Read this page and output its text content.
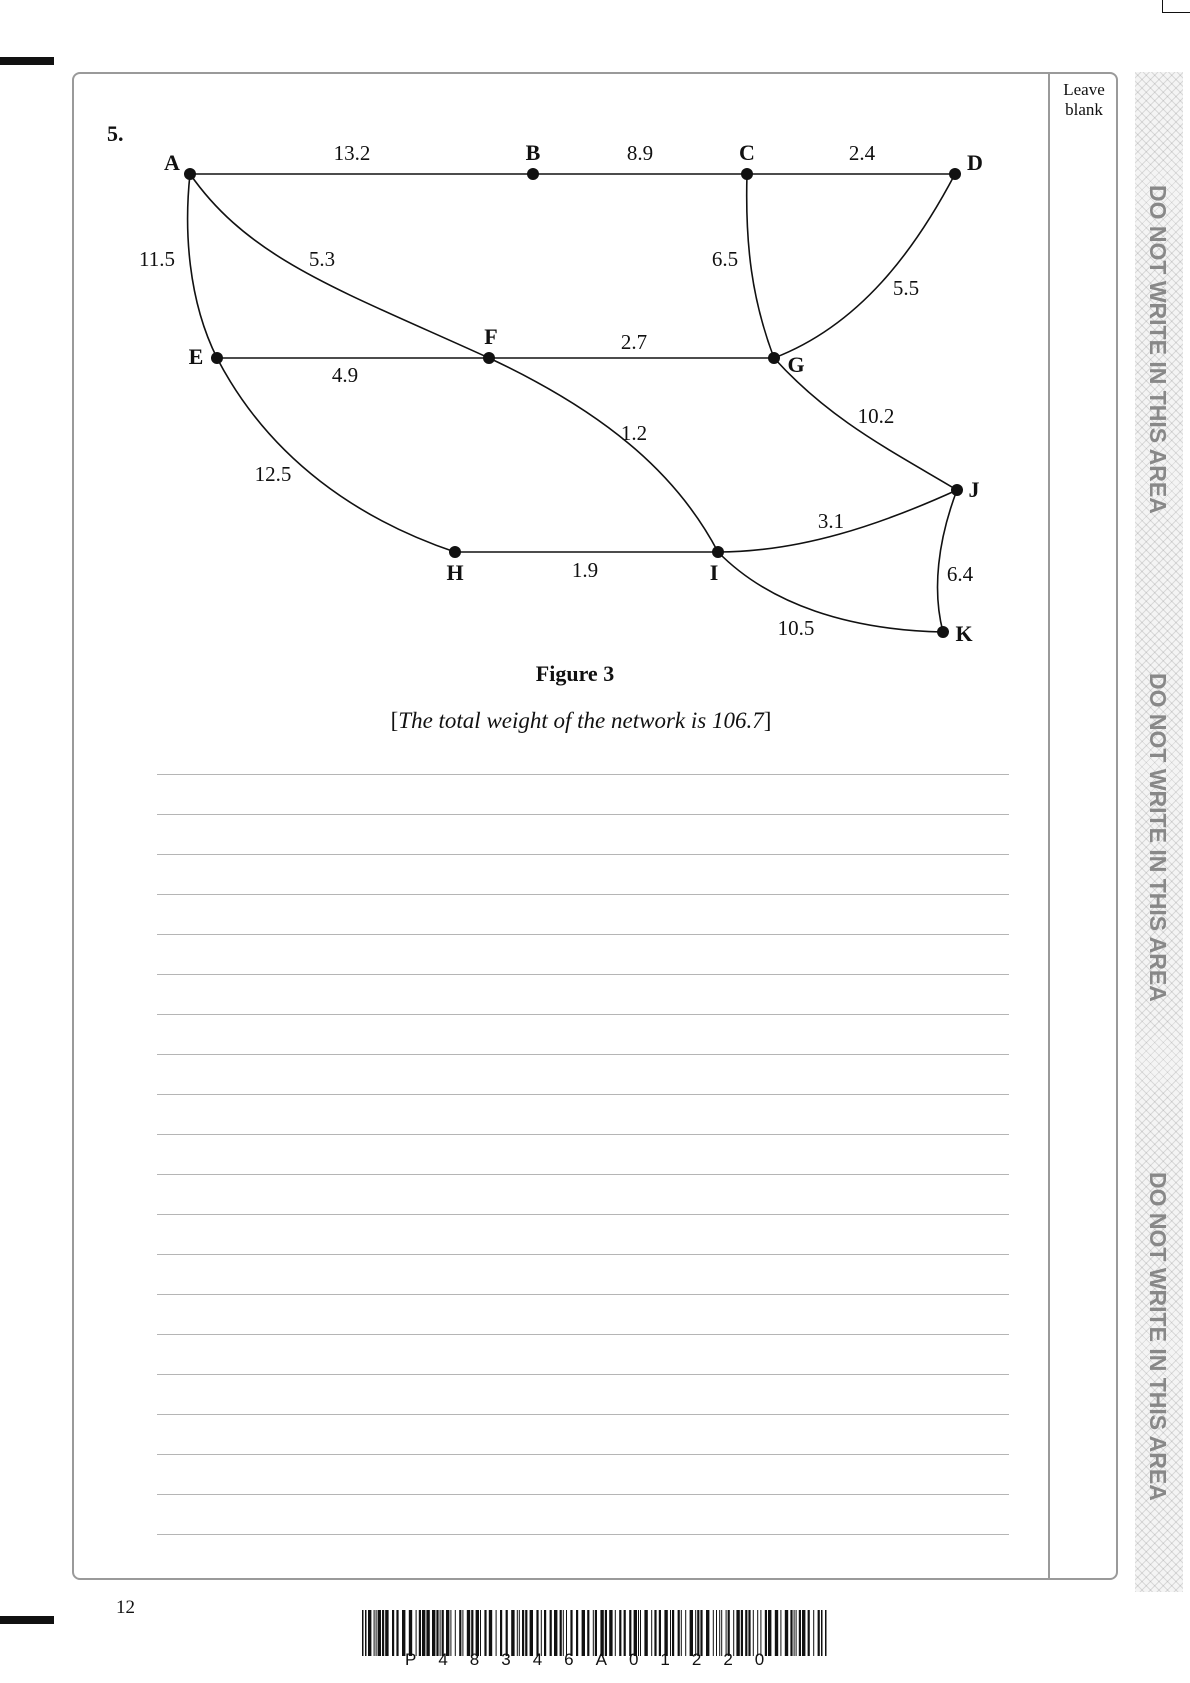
Leave
blank
DO NOT WRITE IN THIS AREA
DO NOT WRITE IN THIS AREA
DO NOT WRITE IN THIS AREA
5.
13.2	8.9	2.4
11.5	5.3	6.5
5.5
4.9
2.7
1.2
10.2
12.5
1.9
3.1
6.4
10.5
A	B	C	D
E
F
G
H	I
J
K
Figure 3
[The total weight of the network is 106.7]
12
P48346A01220
